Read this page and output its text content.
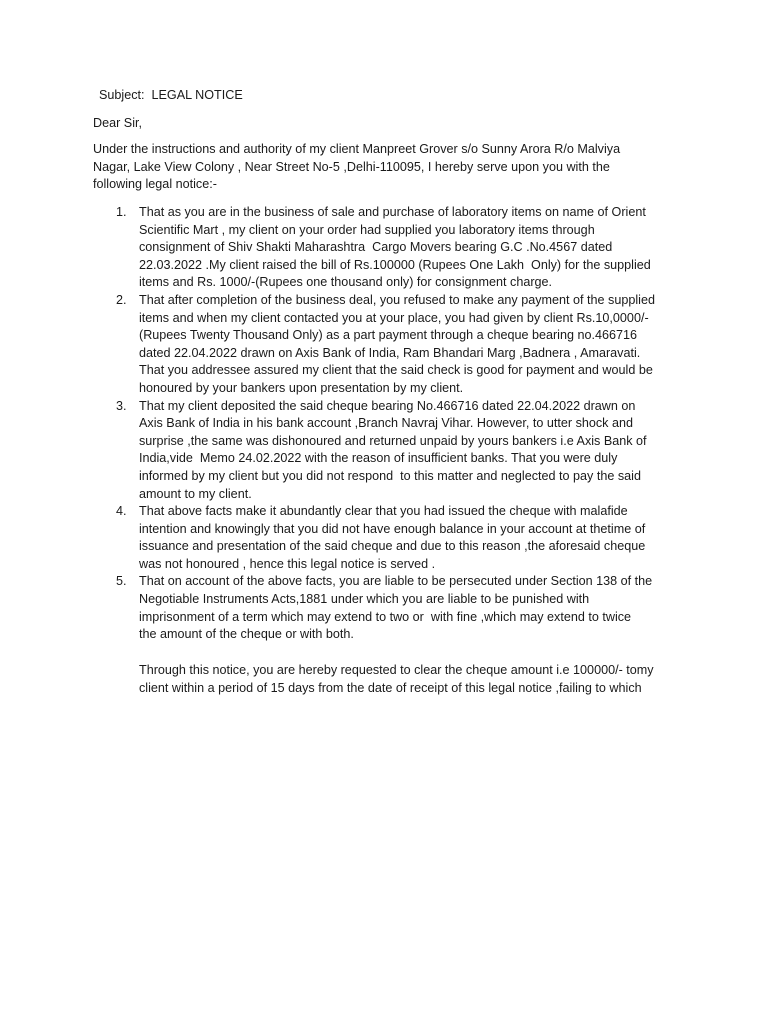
Subject:  LEGAL NOTICE
Dear Sir,
Under the instructions and authority of my client Manpreet Grover s/o Sunny Arora R/o Malviya
Nagar, Lake View Colony , Near Street No-5 ,Delhi-110095, I hereby serve upon you with the
following legal notice:-
1. That as you are in the business of sale and purchase of laboratory items on name of Orient
Scientific Mart , my client on your order had supplied you laboratory items through
consignment of Shiv Shakti Maharashtra  Cargo Movers bearing G.C .No.4567 dated
22.03.2022 .My client raised the bill of Rs.100000 (Rupees One Lakh  Only) for the supplied
items and Rs. 1000/-(Rupees one thousand only) for consignment charge.
2. That after completion of the business deal, you refused to make any payment of the supplied
items and when my client contacted you at your place, you had given by client Rs.10,0000/-
(Rupees Twenty Thousand Only) as a part payment through a cheque bearing no.466716
dated 22.04.2022 drawn on Axis Bank of India, Ram Bhandari Marg ,Badnera , Amaravati.
That you addressee assured my client that the said check is good for payment and would be
honoured by your bankers upon presentation by my client.
3. That my client deposited the said cheque bearing No.466716 dated 22.04.2022 drawn on
Axis Bank of India in his bank account ,Branch Navraj Vihar. However, to utter shock and
surprise ,the same was dishonoured and returned unpaid by yours bankers i.e Axis Bank of
India,vide  Memo 24.02.2022 with the reason of insufficient banks. That you were duly
informed by my client but you did not respond  to this matter and neglected to pay the said
amount to my client.
4. That above facts make it abundantly clear that you had issued the cheque with malafide
intention and knowingly that you did not have enough balance in your account at thetime of
issuance and presentation of the said cheque and due to this reason ,the aforesaid cheque
was not honoured , hence this legal notice is served .
5. That on account of the above facts, you are liable to be persecuted under Section 138 of the
Negotiable Instruments Acts,1881 under which you are liable to be punished with
imprisonment of a term which may extend to two or  with fine ,which may extend to twice
the amount of the cheque or with both.
Through this notice, you are hereby requested to clear the cheque amount i.e 100000/- tomy
client within a period of 15 days from the date of receipt of this legal notice ,failing to which
